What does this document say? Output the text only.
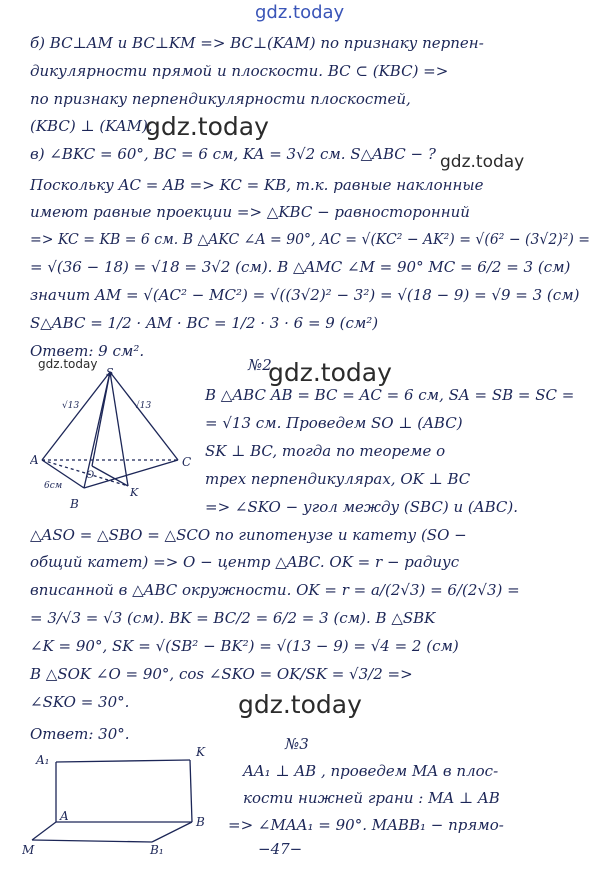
gdz.today
б) BC⊥AM и BC⊥KM => BC⊥(KAM) по признаку перпен-
дикулярности прямой и плоскости. BC ⊂ (KBC) =>
по признаку перпендикулярности плоскостей,
(KBC) ⊥ (KAM).
gdz.today
в) ∠BKC = 60°, BC = 6 см, KA = 3√2 см. S△ABC − ? gdz.today
Поскольку AC = AB => KC = KB, т.к. равные наклонные
имеют равные проекции => △KBC − равносторонний
=> KC = KB = 6 см. В △AKC ∠A = 90°, AC = √(KC² − AK²) = √(6² − (3√2)²) =
= √(36 − 18) = √18 = 3√2 (см). В △AMC ∠M = 90° MC = 6/2 = 3 (см)
значит AM = √(AC² − MC²) = √((3√2)² − 3²) = √(18 − 9) = √9 = 3 (см)
S△ABC = 1/2 · AM · BC = 1/2 · 3 · 6 = 9 (см²)
Ответ: 9 см².
gdz.today	№2
gdz.today
S
A
B
C
O
K
√13	√13
6см
В △ABC AB = BC = AC = 6 см, SA = SB = SC =
= √13 см. Проведем SO ⊥ (ABC)
SK ⊥ BC, тогда по теореме о
трех перпендикулярах, OK ⊥ BC
=> ∠SKO − угол между (SBC) и (ABC).
△ASO = △SBO = △SCO по гипотенузе и катету (SO −
общий катет) => O − центр △ABC. OK = r − радиус
вписанной в △ABC окружности. OK = r = a/(2√3) = 6/(2√3) =
= 3/√3 = √3 (см). BK = BC/2 = 6/2 = 3 (см). В △SBK
∠K = 90°, SK = √(SB² − BK²) = √(13 − 9) = √4 = 2 (см)
В △SOK ∠O = 90°, cos ∠SKO = OK/SK = √3/2 =>
∠SKO = 30°.	gdz.today
Ответ: 30°.
A₁
K
A	B
M	B₁
№3
AA₁ ⊥ AB , проведем MA в плос-
кости нижней грани : MA ⊥ AB
=> ∠MAA₁ = 90°. MABB₁ − прямо-
−47−
